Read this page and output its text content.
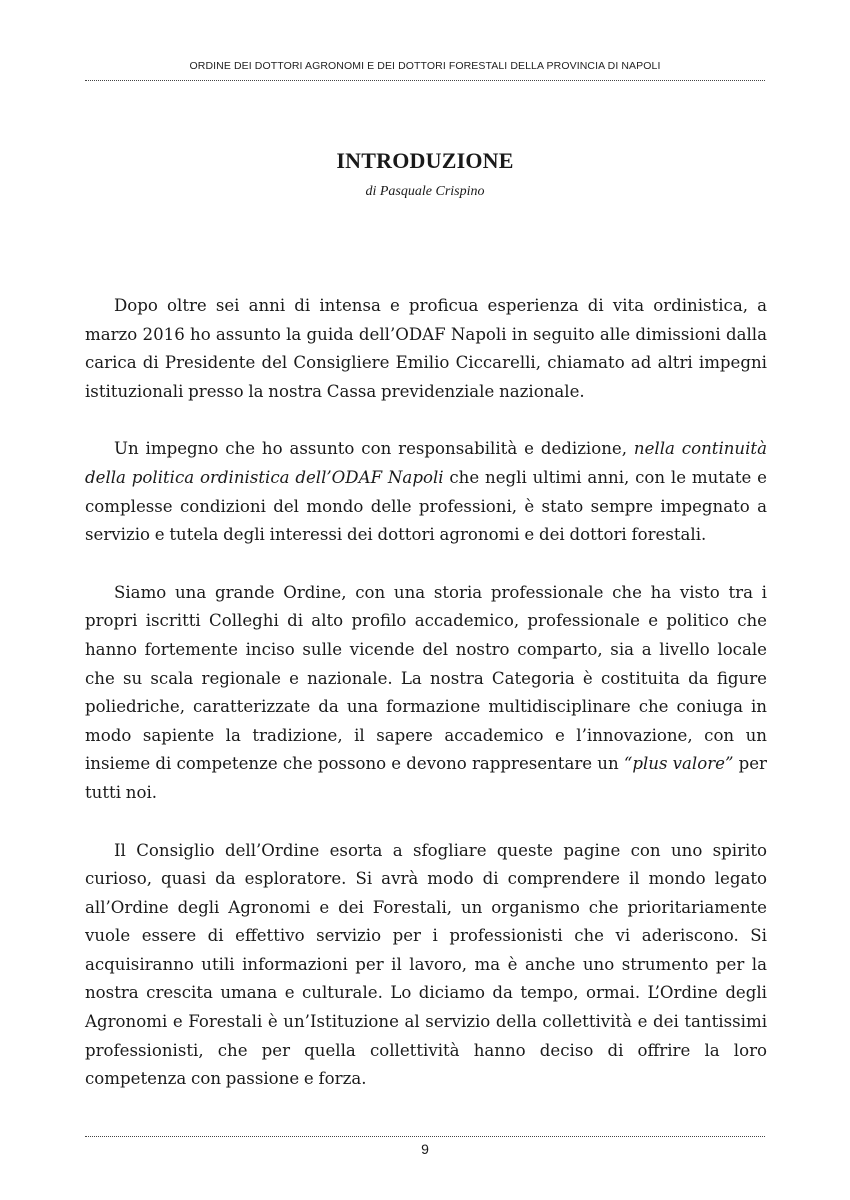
ORDINE DEI DOTTORI AGRONOMI E DEI DOTTORI FORESTALI DELLA PROVINCIA DI NAPOLI
INTRODUZIONE
di Pasquale Crispino

Dopo oltre sei anni di intensa e proficua esperienza di vita ordinistica, a marzo 2016 ho assunto la guida dell’ODAF Napoli in seguito alle dimissioni dalla carica di Presidente del Consigliere Emilio Ciccarelli, chiamato ad altri impegni istituzionali presso la nostra Cassa previdenziale nazionale.

Un impegno che ho assunto con responsabilità e dedizione, nella continuità della politica ordinistica dell’ODAF Napoli che negli ultimi anni, con le mutate e complesse condizioni del mondo delle professioni, è stato sempre impegnato a servizio e tutela degli interessi dei dottori agronomi e dei dottori forestali.

Siamo una grande Ordine, con una storia professionale che ha visto tra i propri iscritti Colleghi di alto profilo accademico, professionale e politico che hanno fortemente inciso sulle vicende del nostro comparto, sia a livello locale che su scala regionale e nazionale. La nostra Categoria è costituita da figure poliedriche, caratterizzate da una formazione multidisciplinare che coniuga in modo sapiente la tradizione, il sapere accademico e l’innovazione, con un insieme di competenze che possono e devono rappresentare un “plus valore” per tutti noi.

Il Consiglio dell’Ordine esorta a sfogliare queste pagine con uno spirito curioso, quasi da esploratore. Si avrà modo di comprendere il mondo legato all’Ordine degli Agronomi e dei Forestali, un organismo che prioritariamente vuole essere di effettivo servizio per i professionisti che vi aderiscono. Si acquisiranno utili informazioni per il lavoro, ma è anche uno strumento per la nostra crescita umana e culturale. Lo diciamo da tempo, ormai. L’Ordine degli Agronomi e Forestali è un’Istituzione al servizio della collettività e dei tantissimi professionisti, che per quella collettività hanno deciso di offrire la loro competenza con passione e forza.

9
